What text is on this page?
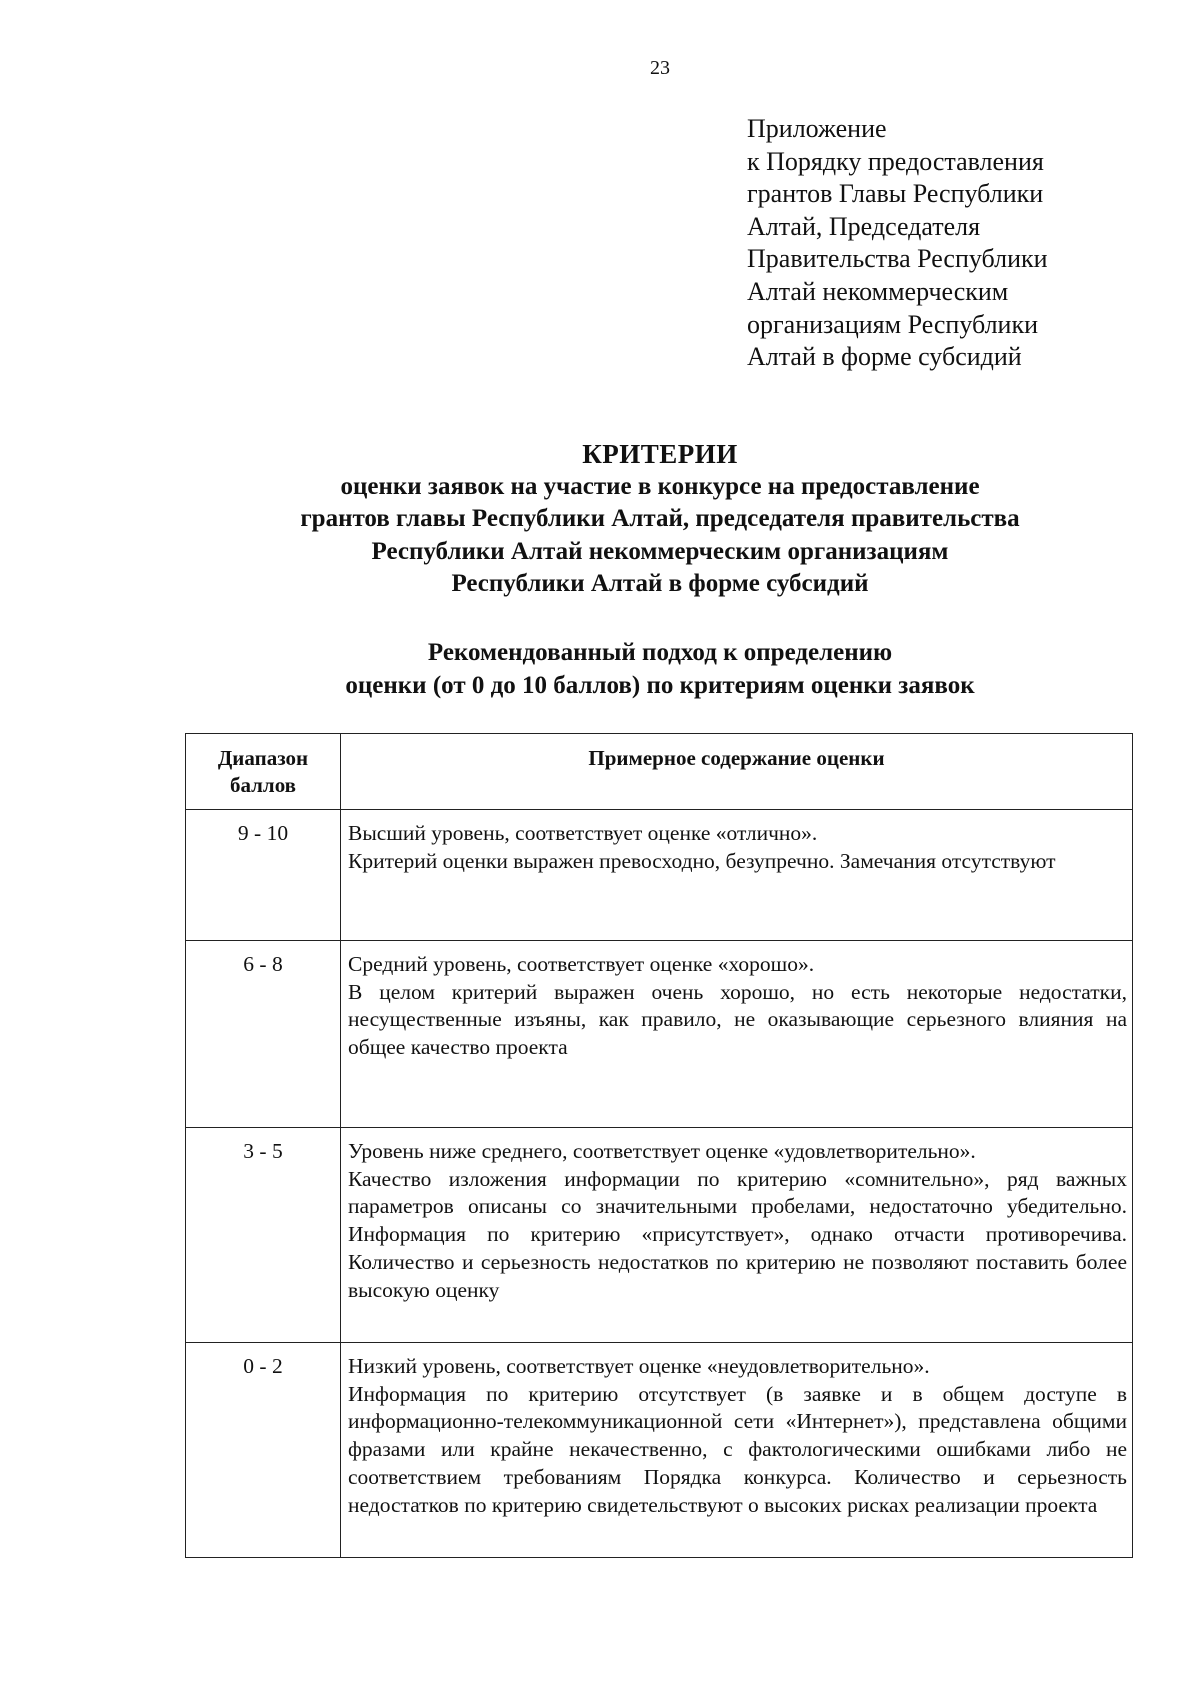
23
Приложение
к Порядку предоставления
грантов Главы Республики
Алтай, Председателя
Правительства Республики
Алтай некоммерческим
организациям Республики
Алтай в форме субсидий
КРИТЕРИИ
оценки заявок на участие в конкурсе на предоставление
грантов главы Республики Алтай, председателя правительства
Республики Алтай некоммерческим организациям
Республики Алтай в форме субсидий
Рекомендованный подход к определению
оценки (от 0 до 10 баллов) по критериям оценки заявок
Диапазон баллов	Примерное содержание оценки
9 - 10	Высший уровень, соответствует оценке «отлично».
Критерий оценки выражен превосходно, безупречно. Замечания отсутствуют

6 - 8	Средний уровень, соответствует оценке «хорошо».
В целом критерий выражен очень хорошо, но есть некоторые недостатки, несущественные изъяны, как правило, не оказывающие серьезного влияния на общее качество проекта

3 - 5	Уровень ниже среднего, соответствует оценке «удовлетворительно».
Качество изложения информации по критерию «сомнительно», ряд важных параметров описаны со значительными пробелами, недостаточно убедительно. Информация по критерию «присутствует», однако отчасти противоречива. Количество и серьезность недостатков по критерию не позволяют поставить более высокую оценку

0 - 2	Низкий уровень, соответствует оценке «неудовлетворительно».
Информация по критерию отсутствует (в заявке и в общем доступе в информационно-телекоммуникационной сети «Интернет»), представлена общими фразами или крайне некачественно, с фактологическими ошибками либо не соответствием требованиям Порядка конкурса. Количество и серьезность недостатков по критерию свидетельствуют о высоких рисках реализации проекта
